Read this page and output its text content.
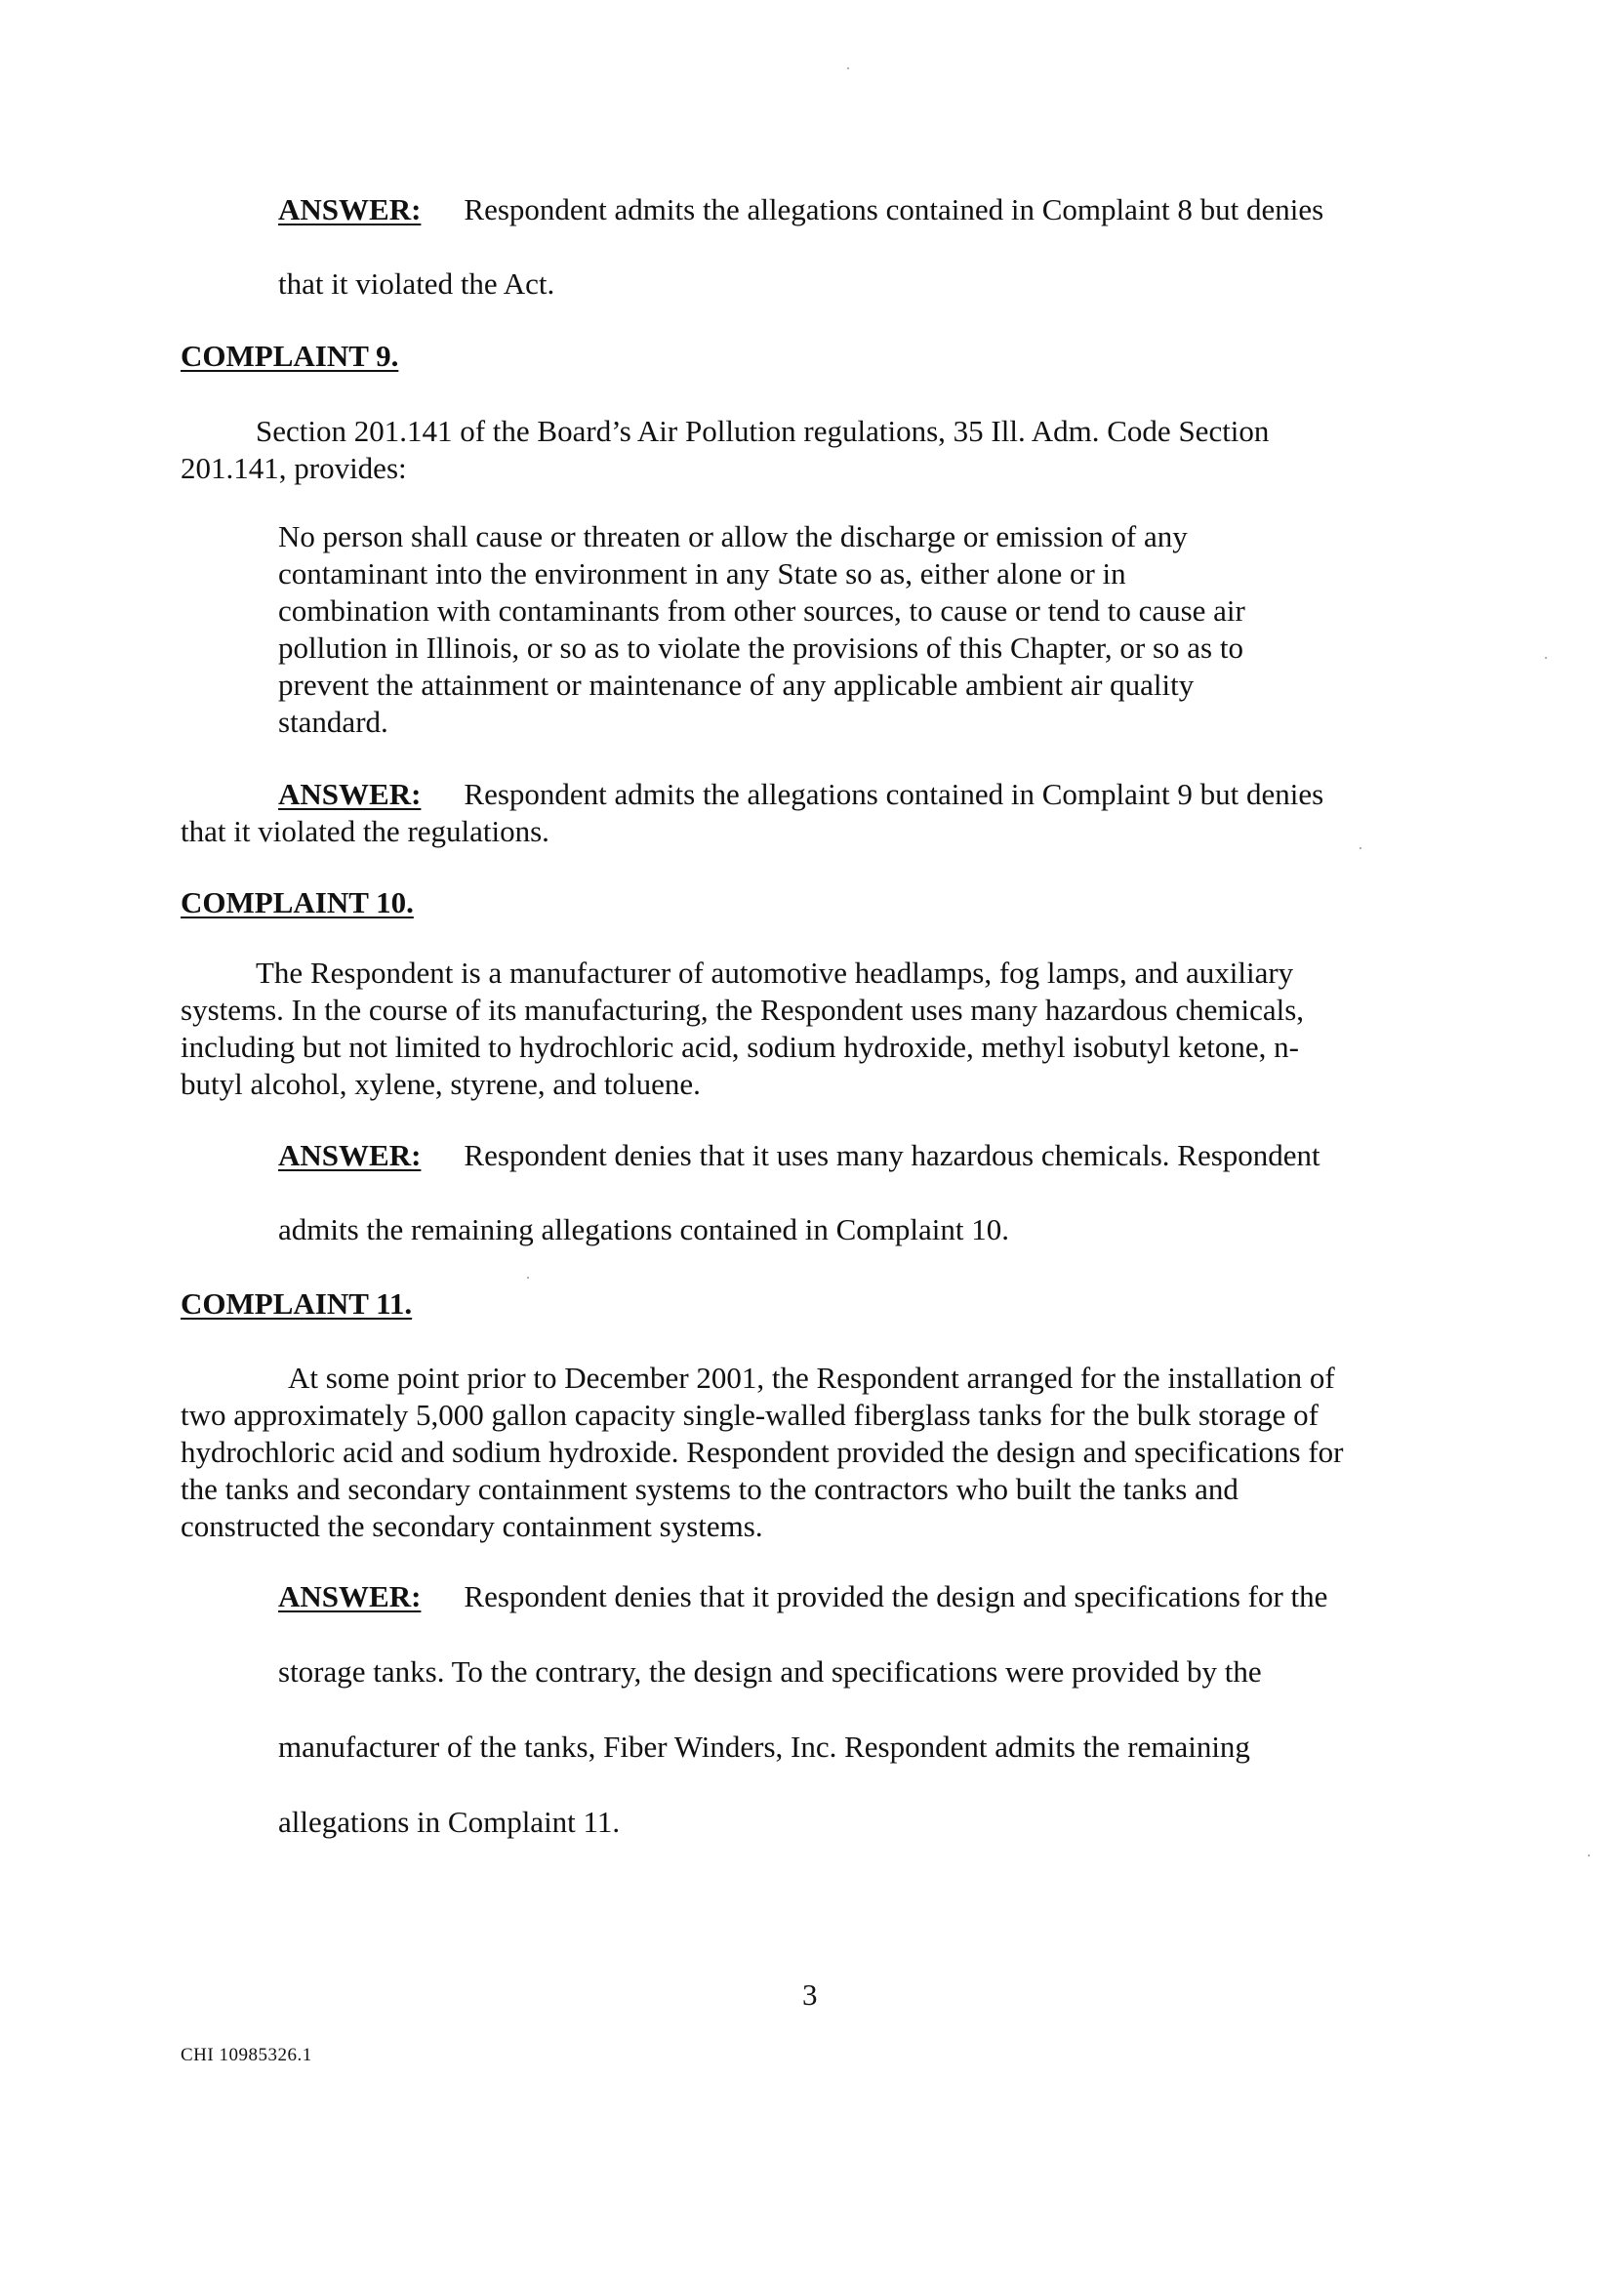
ANSWER: Respondent admits the allegations contained in Complaint 8 but denies
that it violated the Act.
COMPLAINT 9.
Section 201.141 of the Board’s Air Pollution regulations, 35 Ill. Adm. Code Section
201.141, provides:
No person shall cause or threaten or allow the discharge or emission of any
contaminant into the environment in any State so as, either alone or in
combination with contaminants from other sources, to cause or tend to cause air
pollution in Illinois, or so as to violate the provisions of this Chapter, or so as to
prevent the attainment or maintenance of any applicable ambient air quality
standard.
ANSWER: Respondent admits the allegations contained in Complaint 9 but denies
that it violated the regulations.
COMPLAINT 10.
The Respondent is a manufacturer of automotive headlamps, fog lamps, and auxiliary
systems. In the course of its manufacturing, the Respondent uses many hazardous chemicals,
including but not limited to hydrochloric acid, sodium hydroxide, methyl isobutyl ketone, n-
butyl alcohol, xylene, styrene, and toluene.
ANSWER: Respondent denies that it uses many hazardous chemicals. Respondent
admits the remaining allegations contained in Complaint 10.
COMPLAINT 11.
At some point prior to December 2001, the Respondent arranged for the installation of
two approximately 5,000 gallon capacity single-walled fiberglass tanks for the bulk storage of
hydrochloric acid and sodium hydroxide. Respondent provided the design and specifications for
the tanks and secondary containment systems to the contractors who built the tanks and
constructed the secondary containment systems.
ANSWER: Respondent denies that it provided the design and specifications for the
storage tanks. To the contrary, the design and specifications were provided by the
manufacturer of the tanks, Fiber Winders, Inc. Respondent admits the remaining
allegations in Complaint 11.
3
CHI 10985326.1
